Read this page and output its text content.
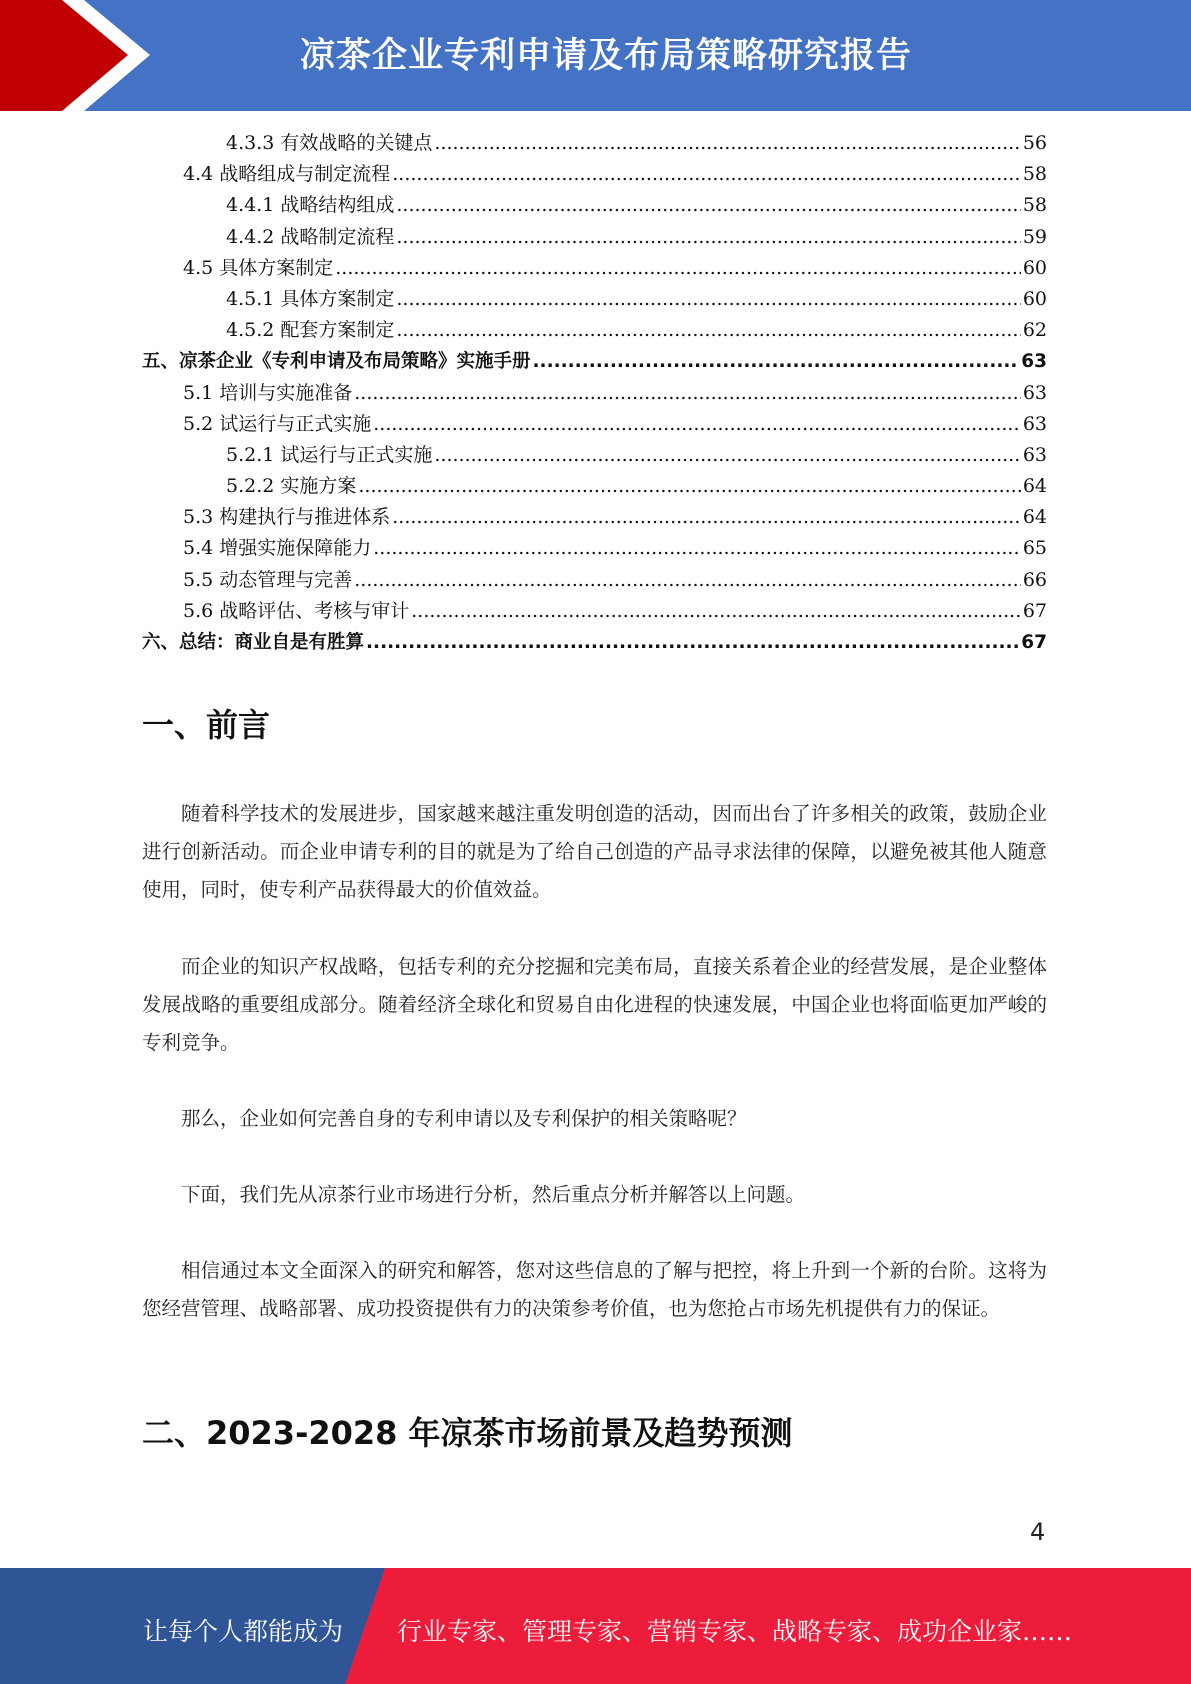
凉茶企业专利申请及布局策略研究报告
4.3.3 有效战略的关键点 .....	56
4.4 战略组成与制定流程 .....	58
4.4.1 战略结构组成 .....	58
4.4.2 战略制定流程 .....	59
4.5 具体方案制定 .....	60
4.5.1 具体方案制定 .....	60
4.5.2 配套方案制定 .....	62
五、凉茶企业《专利申请及布局策略》实施手册 .....	63
5.1 培训与实施准备 .....	63
5.2 试运行与正式实施 .....	63
5.2.1 试运行与正式实施 .....	63
5.2.2 实施方案 .....	64
5.3 构建执行与推进体系 .....	64
5.4 增强实施保障能力 .....	65
5.5 动态管理与完善 .....	66
5.6 战略评估、考核与审计 .....	67
六、总结：商业自是有胜算 .....	67
一、前言

随着科学技术的发展进步，国家越来越注重发明创造的活动，因而出台了许多相关的政策，鼓励企业进行创新活动。而企业申请专利的目的就是为了给自己创造的产品寻求法律的保障，以避免被其他人随意使用，同时，使专利产品获得最大的价值效益。

而企业的知识产权战略，包括专利的充分挖掘和完美布局，直接关系着企业的经营发展，是企业整体发展战略的重要组成部分。随着经济全球化和贸易自由化进程的快速发展，中国企业也将面临更加严峻的专利竞争。

那么，企业如何完善自身的专利申请以及专利保护的相关策略呢？

下面，我们先从凉茶行业市场进行分析，然后重点分析并解答以上问题。

相信通过本文全面深入的研究和解答，您对这些信息的了解与把控，将上升到一个新的台阶。这将为您经营管理、战略部署、成功投资提供有力的决策参考价值，也为您抢占市场先机提供有力的保证。

二、2023-2028 年凉茶市场前景及趋势预测
4
让每个人都能成为 行业专家、管理专家、营销专家、战略专家、成功企业家……
